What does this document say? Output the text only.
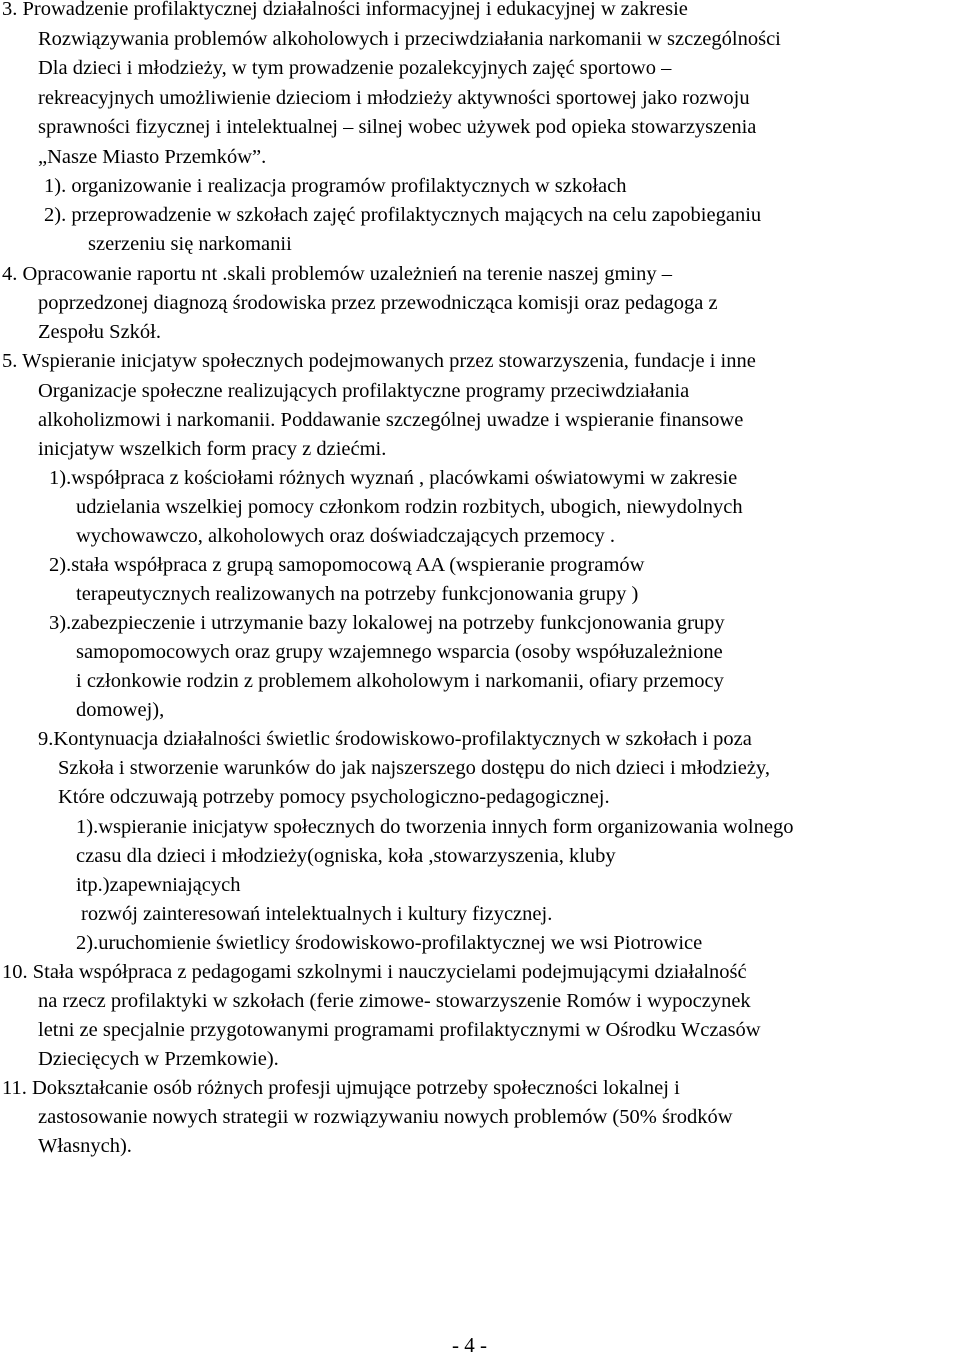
3. Prowadzenie profilaktycznej działalności informacyjnej i edukacyjnej w zakresie
Rozwiązywania problemów alkoholowych i przeciwdziałania narkomanii w szczególności
Dla dzieci i młodzieży, w tym prowadzenie pozalekcyjnych zajęć sportowo –
rekreacyjnych umożliwienie dzieciom i młodzieży aktywności sportowej jako rozwoju
sprawności fizycznej i intelektualnej – silnej wobec używek pod opieka stowarzyszenia
„Nasze Miasto Przemków”.
1). organizowanie i realizacja programów profilaktycznych w szkołach
2). przeprowadzenie w szkołach zajęć profilaktycznych mających na celu zapobieganiu
szerzeniu się narkomanii
4. Opracowanie raportu nt .skali problemów uzależnień na terenie naszej gminy –
poprzedzonej diagnozą środowiska przez przewodnicząca komisji oraz pedagoga z
Zespołu Szkół.
5. Wspieranie inicjatyw społecznych podejmowanych przez stowarzyszenia, fundacje i inne
Organizacje społeczne realizujących profilaktyczne programy przeciwdziałania
alkoholizmowi i narkomanii. Poddawanie szczególnej uwadze i wspieranie finansowe
inicjatyw wszelkich form pracy z dziećmi.
1).współpraca z kościołami różnych wyznań , placówkami oświatowymi w zakresie
udzielania wszelkiej pomocy członkom rodzin rozbitych, ubogich, niewydolnych
wychowawczo, alkoholowych oraz doświadczających przemocy .
2).stała współpraca z grupą samopomocową AA (wspieranie programów
terapeutycznych realizowanych na potrzeby funkcjonowania grupy )
3).zabezpieczenie i utrzymanie bazy lokalowej na potrzeby funkcjonowania grupy
samopomocowych oraz grupy wzajemnego wsparcia (osoby współuzależnione
i członkowie rodzin z problemem alkoholowym i narkomanii, ofiary przemocy
domowej),
9.Kontynuacja działalności świetlic środowiskowo-profilaktycznych w szkołach i poza
Szkoła i stworzenie warunków do jak najszerszego dostępu do nich dzieci i młodzieży,
Które odczuwają potrzeby pomocy psychologiczno-pedagogicznej.
1).wspieranie inicjatyw społecznych do tworzenia innych form organizowania wolnego
czasu dla dzieci i młodzieży(ogniska, koła ,stowarzyszenia, kluby
itp.)zapewniających
rozwój zainteresowań intelektualnych i kultury fizycznej.
2).uruchomienie świetlicy środowiskowo-profilaktycznej we wsi Piotrowice
10. Stała współpraca z pedagogami szkolnymi i nauczycielami podejmującymi działalność
na rzecz profilaktyki w szkołach (ferie zimowe- stowarzyszenie Romów i wypoczynek
letni ze specjalnie przygotowanymi programami profilaktycznymi w Ośrodku Wczasów
Dziecięcych w Przemkowie).
11. Dokształcanie osób różnych profesji ujmujące potrzeby społeczności lokalnej i
zastosowanie nowych strategii w rozwiązywaniu nowych problemów (50% środków
Własnych).
- 4 -
